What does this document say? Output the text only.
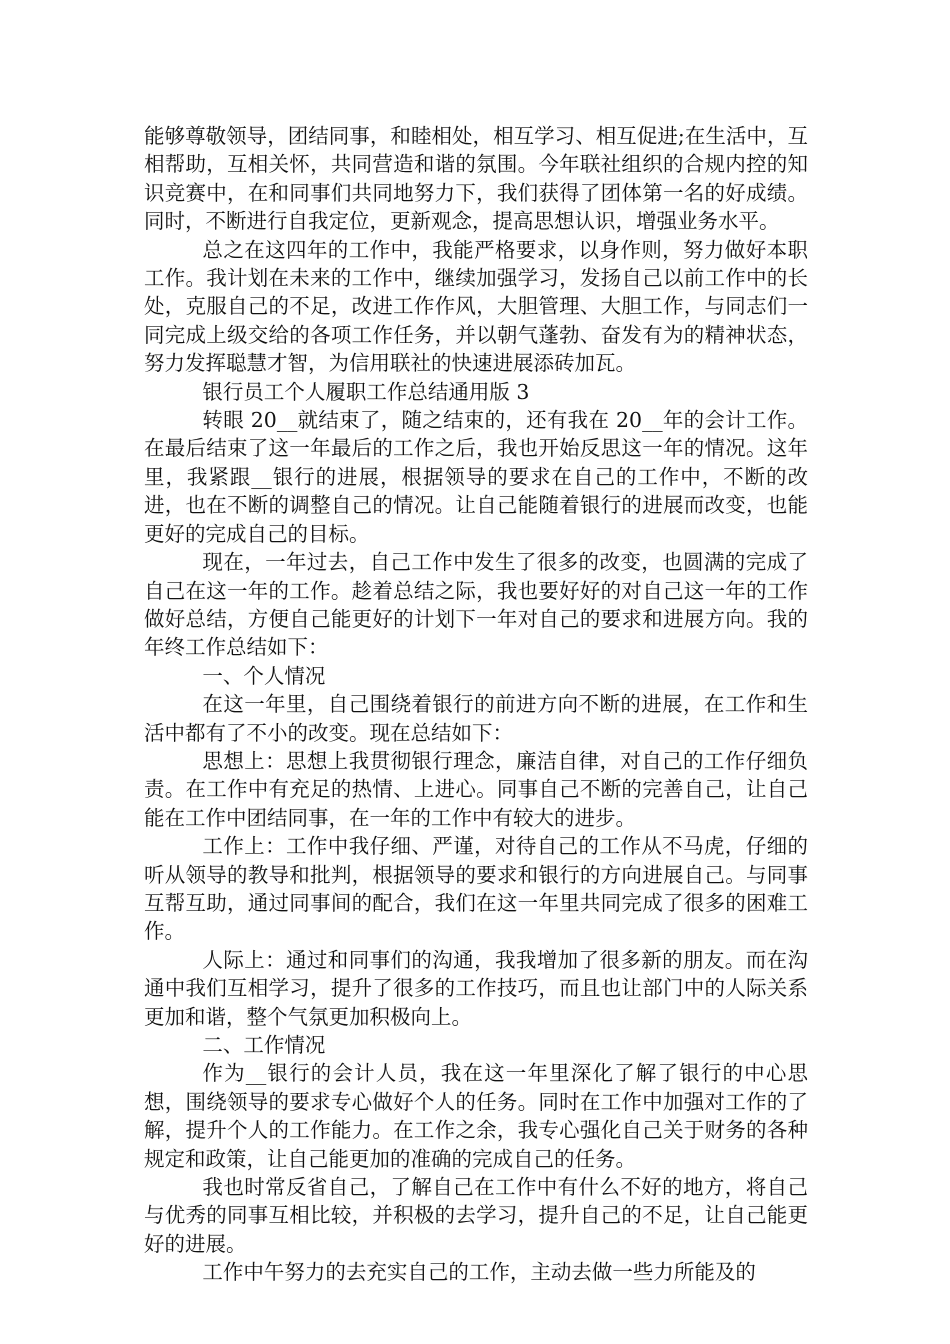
能够尊敬领导，团结同事，和睦相处，相互学习、相互促进;在生活中，互相帮助，互相关怀，共同营造和谐的氛围。今年联社组织的合规内控的知识竞赛中，在和同事们共同地努力下，我们获得了团体第一名的好成绩。同时，不断进行自我定位，更新观念，提高思想认识，增强业务水平。

总之在这四年的工作中，我能严格要求，以身作则，努力做好本职工作。我计划在未来的工作中，继续加强学习，发扬自己以前工作中的长处，克服自己的不足，改进工作作风，大胆管理、大胆工作，与同志们一同完成上级交给的各项工作任务，并以朝气蓬勃、奋发有为的精神状态，努力发挥聪慧才智，为信用联社的快速进展添砖加瓦。

银行员工个人履职工作总结通用版 3

转眼 20__就结束了，随之结束的，还有我在 20__年的会计工作。在最后结束了这一年最后的工作之后，我也开始反思这一年的情况。这年里，我紧跟__银行的进展，根据领导的要求在自己的工作中，不断的改进，也在不断的调整自己的情况。让自己能随着银行的进展而改变，也能更好的完成自己的目标。

现在，一年过去，自己工作中发生了很多的改变，也圆满的完成了自己在这一年的工作。趁着总结之际，我也要好好的对自己这一年的工作做好总结，方便自己能更好的计划下一年对自己的要求和进展方向。我的年终工作总结如下：

一、个人情况

在这一年里，自己围绕着银行的前进方向不断的进展，在工作和生活中都有了不小的改变。现在总结如下：

思想上：思想上我贯彻银行理念，廉洁自律，对自己的工作仔细负责。在工作中有充足的热情、上进心。同事自己不断的完善自己，让自己能在工作中团结同事，在一年的工作中有较大的进步。

工作上：工作中我仔细、严谨，对待自己的工作从不马虎，仔细的听从领导的教导和批判，根据领导的要求和银行的方向进展自己。与同事互帮互助，通过同事间的配合，我们在这一年里共同完成了很多的困难工作。

人际上：通过和同事们的沟通，我我增加了很多新的朋友。而在沟通中我们互相学习，提升了很多的工作技巧，而且也让部门中的人际关系更加和谐，整个气氛更加积极向上。

二、工作情况

作为__银行的会计人员，我在这一年里深化了解了银行的中心思想，围绕领导的要求专心做好个人的任务。同时在工作中加强对工作的了解，提升个人的工作能力。在工作之余，我专心强化自己关于财务的各种规定和政策，让自己能更加的准确的完成自己的任务。

我也时常反省自己，了解自己在工作中有什么不好的地方，将自己与优秀的同事互相比较，并积极的去学习，提升自己的不足，让自己能更好的进展。

工作中午努力的去充实自己的工作，主动去做一些力所能及的
